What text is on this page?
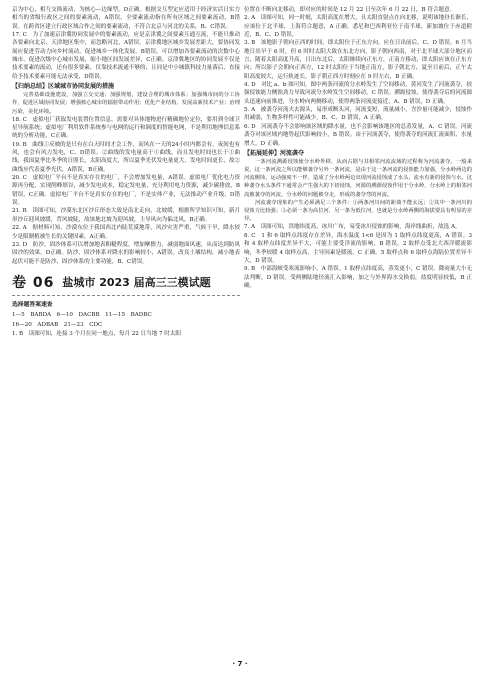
京为中心，相互交换流动，为核心—边缘型，D正确。根据交互型定应适用于经济实活日实力相当的省级行政区之间的要素流动，A错误。全要素流动指在所有区域之间要素流动，B错误。在跨省区建立行政区域合作之间的要素流动，不符合北京与河北的关系，B、C错误。

17. C　为了加速京津冀协同发展中的要素流动，应是京津冀之间要素互通互流，不能只推动各要素向北京、天津地区集中，而忽略河北，A错误。京津冀地区城乡发展差距大，要协同发展应促进劳动力向乡村流动，促进城乡一体化发展，B错误。可以增加各要素流动的次数中心城市，促进次级中心城市发展，缩小地区间发展差异，C正确。京津冀地区的协同发展不仅是技术要素的流动，还有很多要素，仅靠技术流通不够的，且同是中小城镇科技力量落后，直接给予技术要素可能无法承受，D错误。

【归纳总结】区域城市协同发展的措施

完善基础设施建设，加强立交交通；加强规划，建设合理的城市体系；加强城市间的分工协作，促进区域协同发展；增强核心城市的辐射带动作用；优化产业结构，发展高新技术产业；治理污染，美化环境。

18. C　虚拟电厂获取发电装置位置信息，需要对具体地物进行精确地位定位，要用到全球卫星导航系统；虚拟电厂利用软件系统参与电网的运行和调度的智能电网，不是利用地理信息系统的分析功能，C正确。

19. B　曲线①反映的是只有在白天时间才会工作，而风在一天的24小时内都会有，夜间也有风，也会有风力发电，C、D错误。②曲线的发电量高于①曲线，而且发电时间也长于①曲线，我国夏季比冬季的日照长，太阳高度大，所以夏季光伏发电量更大，发电时间更长，故②曲线应代表夏季光伏，A错误，B正确。

20. C　虚拟电厂平台不是真实存在的电厂，不会增加发电量，A错误。虚拟电厂优化电力资源再分配，实现削峰填谷，减少发电成本，稳定发电量，充分利用电力资源，减少碳排放，B错误，C正确。虚拟电厂平台不是真实存在的电厂，不是实体产业，无法推动产业升级，D错误。

21. B　读图可知，沙漠东北区沙丘形态大致是南北走向，北坡缓，根据所学知识可知，新月形沙丘迎风坡缓，背风坡陡，故该地北坡为迎风坡，主导风向为偏北风，B正确。

22. A　据材料可知，沙漠东位于我国西北内陆荒漠地带，风沙灾害严重，气候干旱，降水较少是限制植被生长的关键因素，A正确。

23. D　防沙、固沙体系可以增加地表粗糙程度，增加摩擦力，减弱地面风速，从而达到防风固沙的效果，D正确。防沙、固沙体系对降水的影响较小，A错误。改良土壤结构，减小地表起伏可能不是防沙、固沙体系的主要功能，B、C错误。

卷 06 盐城市 2023 届高三三模试题
选择题答案速查
1—5　BABDA　6—10　DACBB　11—15　BADBC
16—20　ADBAB　21—23　CDC

1. B　读图可知，连接 3 个月在同一地点，每月 22 日当地 7 时太阳

位置在不断向北移动，即对应的时间是 12 月 22 日至次年 6 月 22 日，B 符合题意。

2. A　读图可知，同一时刻，太阳高度在增大，且太阳直射点在向北移，说明该地昼长渐长，应该位于北半球，上海符合题意，A 正确。悉尼和巴西利亚位于南半球，新加坡位于赤道附近，B、C、D 错误。

3. B　该地影子朝向正西的时间，即太阳位于正东方向，应在日出前后，C、D 错误。6 月当地日出早于 6 时，但 6 时时太阳大致在东北方向，影子朝向西南，对于北半球大部分地区而言，随着太阳高度升高，日出东北后，太阳继续向正东方，正南方移动，即太阳应该在正东方向；所以影子会朝向正西方，12 时太阳位于当地正南方，影子朝北方，夏至日前后，正午太阳高度较大，运行轨迹长，影子朝正西方时刻应在 9 时左右，B 正确。

4. D　对比 a、b 图可知，图中两条河流的分水岭发生了空间移动，黄河发生了河流袭夺，较强侵蚀能力侧蚀劲力导致河流分水岭发生空间移动，C 错误。溯源侵蚀，使得袭夺后的河流源头迅速向前推进，分水岭向两侧移动，使得两条河流更接近，A、B 错误，D 正确。

5. A　被袭夺河流夫去源头，易形成断头河，河流变短，流量减小，含沙量可能减少，侵蚀作用减弱，生物多样性可能减少，B、C、D 错误，A 正确。

6. D　河流袭夺不会影响该区域的降水量，也不会影响该地区的总蒸发量，A、C 错误。河流袭夺对该区域内地势起伏影响较小，B 错误。由于河流袭夺，使得袭夺的河流汇流面积、水量增大，D 正确。

【拓展延伸】河流袭夺

一条河流溯源侵蚀使分水岭外移，从而占据与其相邻河流流域的过程称为河流袭夺。一般来说，这一条河流之所以能够袭夺另外一条河流，是由于这一条河流的侵蚀能力加强，分水岭两边的河流侧蚀，运动强度不一样，造成了分水岭两边出现河流侵蚀成了水头，流水有新的侵蚀与水。这种袭夺水头条件下通常会产生强大的下切侵蚀，河源的溯源侵蚀作用于分水岭，分水岭上的相邻河流被袭夺的河流，分水岭的问题被夺走，形成的袭夺弯的河流。

河流袭夺现象的产生必须满足三个条件：①两条河川间的距离不能太远；②其中一条河川的侵蚀力比较强；③必须一条为高位河，另一条为低位河，也就是分水岭两侧的海拔要具有明显的差异。

7. A　读图可知，洪地纬度高，冰川广布，易受冰川侵蚀的影响，海岸线曲折，故选 A。

8. C　1 和 6 取样点纬度存在差异，海水温度 1<6 是因为 1 取样点纬度更高，A 错误。3 和 4 取样点纬度差异不大，可能主要受洋流的影响，B 错误。2 取样点受北大西洋暖流影响，冬季较暖 4 取样点高，主导因素是暖流，C 正确。5 取样点和 6 取样点海陆位置差异不大，D 错误。

9. B　中部海峡受寒流影响小，A 错误。1 取样点纬度高，蒸发更小，C 错误。降雨量大小无法判断，D 错误。受两侧陆地径流汇入影响，加之与外界海水交换弱，盐度明显较低，B 正确。

· 7 ·
